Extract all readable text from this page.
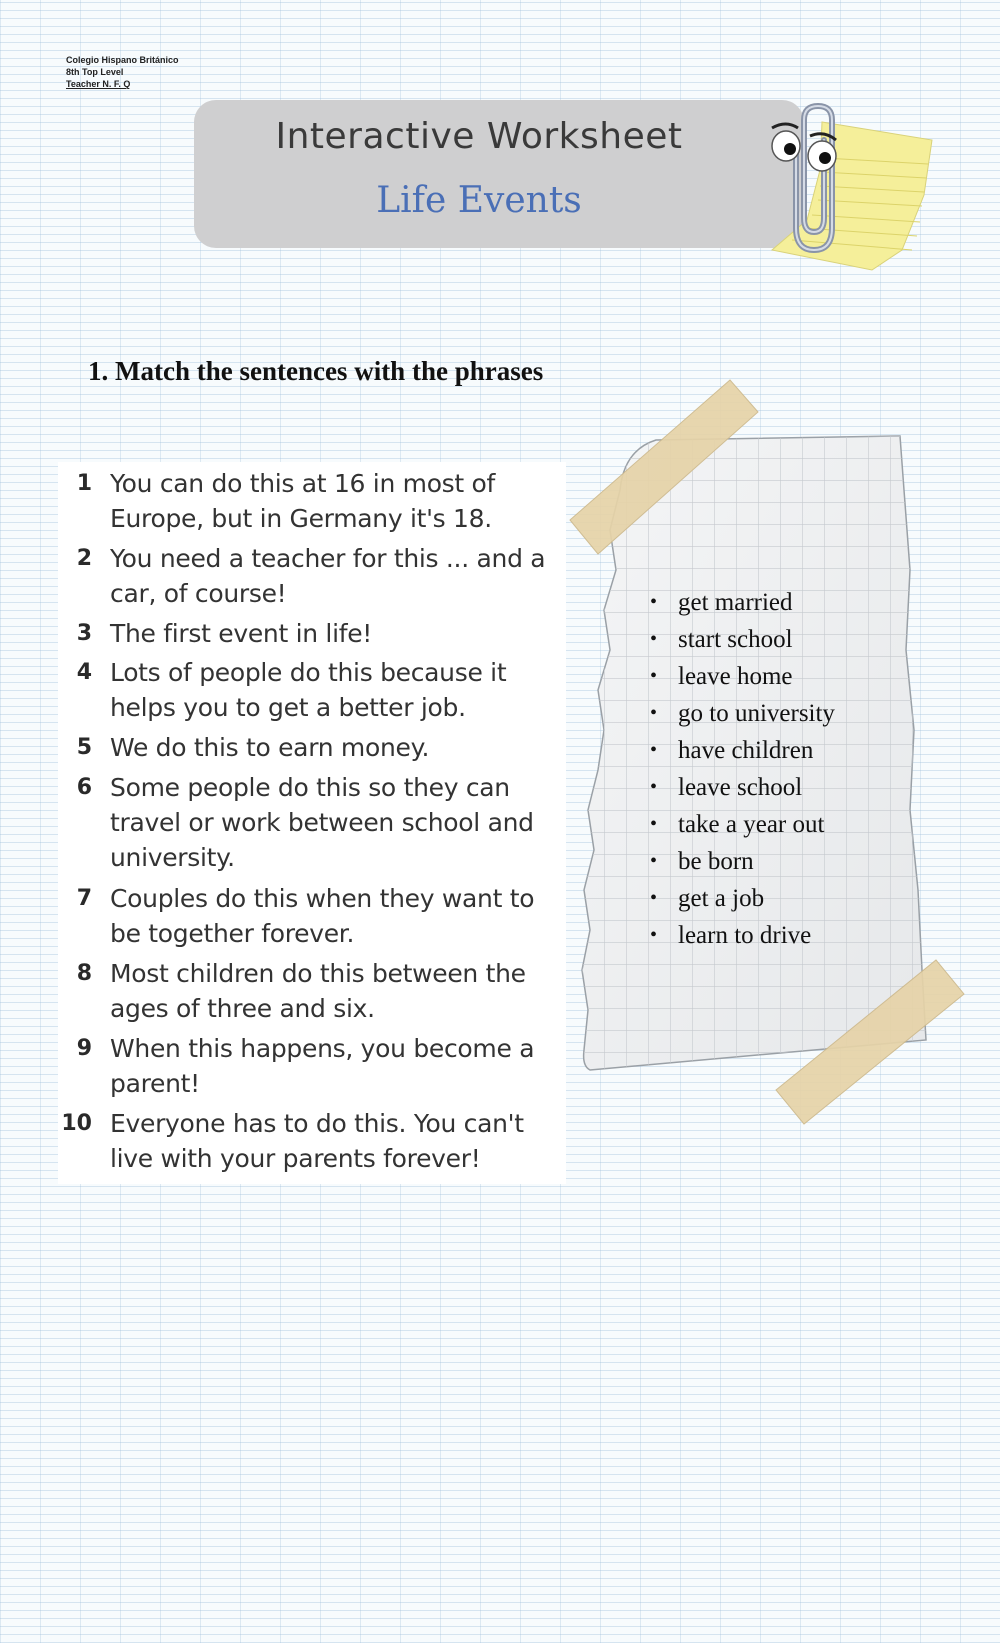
Colegio Hispano Británico
8th Top Level
Teacher N. F. Q
Interactive Worksheet
Life Events
1. Match the sentences with the phrases
1 You can do this at 16 in most of Europe, but in Germany it's 18.
2 You need a teacher for this ... and a car, of course!
3 The first event in life!
4 Lots of people do this because it helps you to get a better job.
5 We do this to earn money.
6 Some people do this so they can travel or work between school and university.
7 Couples do this when they want to be together forever.
8 Most children do this between the ages of three and six.
9 When this happens, you become a parent!
10 Everyone has to do this. You can't live with your parents forever!
• get married
• start school
• leave home
• go to university
• have children
• leave school
• take a year out
• be born
• get a job
• learn to drive
